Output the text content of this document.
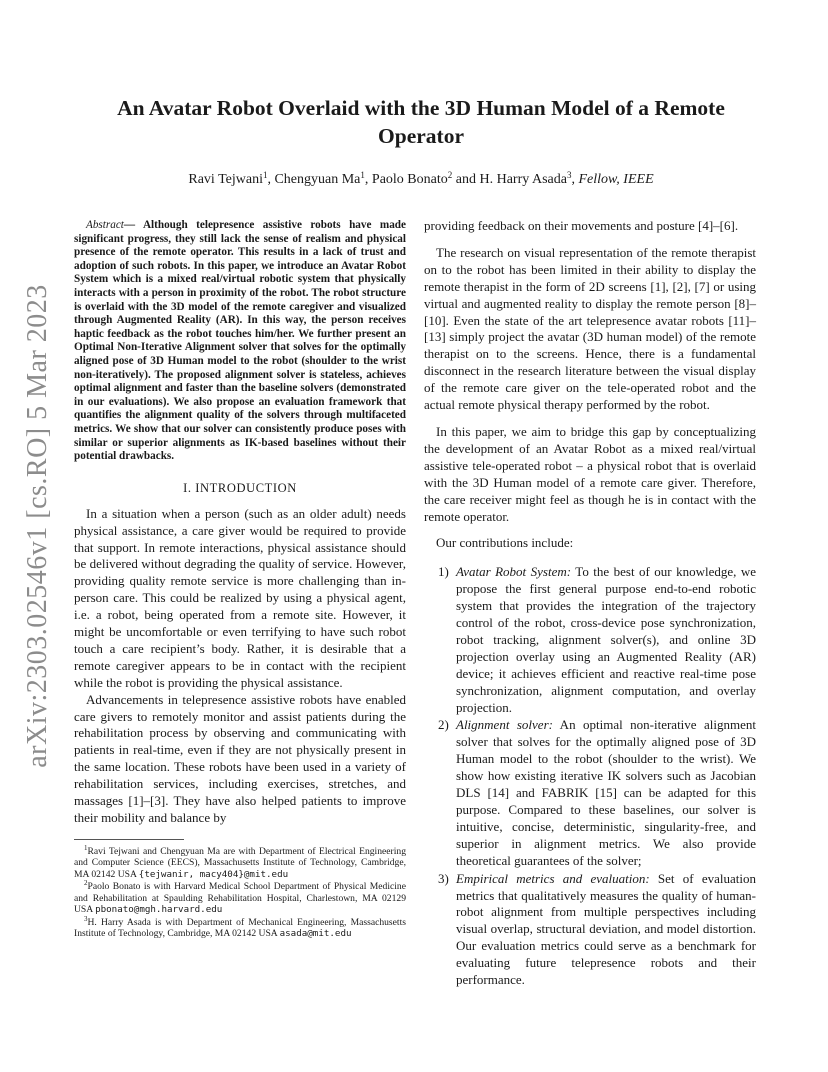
arXiv:2303.02546v1 [cs.RO] 5 Mar 2023
An Avatar Robot Overlaid with the 3D Human Model of a Remote Operator
Ravi Tejwani$^1$, Chengyuan Ma$^1$, Paolo Bonato$^2$ and H. Harry Asada$^3$, Fellow, IEEE

Abstract— Although telepresence assistive robots have made significant progress, they still lack the sense of realism and physical presence of the remote operator. This results in a lack of trust and adoption of such robots. In this paper, we introduce an Avatar Robot System which is a mixed real/virtual robotic system that physically interacts with a person in proximity of the robot. The robot structure is overlaid with the 3D model of the remote caregiver and visualized through Augmented Reality (AR). In this way, the person receives haptic feedback as the robot touches him/her. We further present an Optimal Non-Iterative Alignment solver that solves for the optimally aligned pose of 3D Human model to the robot (shoulder to the wrist non-iteratively). The proposed alignment solver is stateless, achieves optimal alignment and faster than the baseline solvers (demonstrated in our evaluations). We also propose an evaluation framework that quantifies the alignment quality of the solvers through multifaceted metrics. We show that our solver can consistently produce poses with similar or superior alignments as IK-based baselines without their potential drawbacks.

I. INTRODUCTION

In a situation when a person (such as an older adult) needs physical assistance, a care giver would be required to provide that support. In remote interactions, physical assistance should be delivered without degrading the quality of service. However, providing quality remote service is more challenging than in-person care. This could be realized by using a physical agent, i.e. a robot, being operated from a remote site. However, it might be uncomfortable or even terrifying to have such robot touch a care recipient’s body. Rather, it is desirable that a remote caregiver appears to be in contact with the recipient while the robot is providing the physical assistance.

Advancements in telepresence assistive robots have enabled care givers to remotely monitor and assist patients during the rehabilitation process by observing and communicating with patients in real-time, even if they are not physically present in the same location. These robots have been used in a variety of rehabilitation services, including exercises, stretches, and massages [1]–[3]. They have also helped patients to improve their mobility and balance by

$^1$Ravi Tejwani and Chengyuan Ma are with Department of Electrical Engineering and Computer Science (EECS), Massachusetts Institute of Technology, Cambridge, MA 02142 USA {tejwanir, macy404}@mit.edu

$^2$Paolo Bonato is with Harvard Medical School Department of Physical Medicine and Rehabilitation at Spaulding Rehabilitation Hospital, Charlestown, MA 02129 USA pbonato@mgh.harvard.edu

$^3$H. Harry Asada is with Department of Mechanical Engineering, Massachusetts Institute of Technology, Cambridge, MA 02142 USA asada@mit.edu

providing feedback on their movements and posture [4]–[6].

The research on visual representation of the remote therapist on to the robot has been limited in their ability to display the remote therapist in the form of 2D screens [1], [2], [7] or using virtual and augmented reality to display the remote person [8]–[10]. Even the state of the art telepresence avatar robots [11]–[13] simply project the avatar (3D human model) of the remote therapist on to the screens. Hence, there is a fundamental disconnect in the research literature between the visual display of the remote care giver on the tele-operated robot and the actual remote physical therapy performed by the robot.

In this paper, we aim to bridge this gap by conceptualizing the development of an Avatar Robot as a mixed real/virtual assistive tele-operated robot – a physical robot that is overlaid with the 3D Human model of a remote care giver. Therefore, the care receiver might feel as though he is in contact with the remote operator.

Our contributions include:

1) Avatar Robot System: To the best of our knowledge, we propose the first general purpose end-to-end robotic system that provides the integration of the trajectory control of the robot, cross-device pose synchronization, robot tracking, alignment solver(s), and online 3D projection overlay using an Augmented Reality (AR) device; it achieves efficient and reactive real-time pose synchronization, alignment computation, and overlay projection.
2) Alignment solver: An optimal non-iterative alignment solver that solves for the optimally aligned pose of 3D Human model to the robot (shoulder to the wrist). We show how existing iterative IK solvers such as Jacobian DLS [14] and FABRIK [15] can be adapted for this purpose. Compared to these baselines, our solver is intuitive, concise, deterministic, singularity-free, and superior in alignment metrics. We also provide theoretical guarantees of the solver;
3) Empirical metrics and evaluation: Set of evaluation metrics that qualitatively measures the quality of human-robot alignment from multiple perspectives including visual overlap, structural deviation, and model distortion. Our evaluation metrics could serve as a benchmark for evaluating future telepresence robots and their performance.
